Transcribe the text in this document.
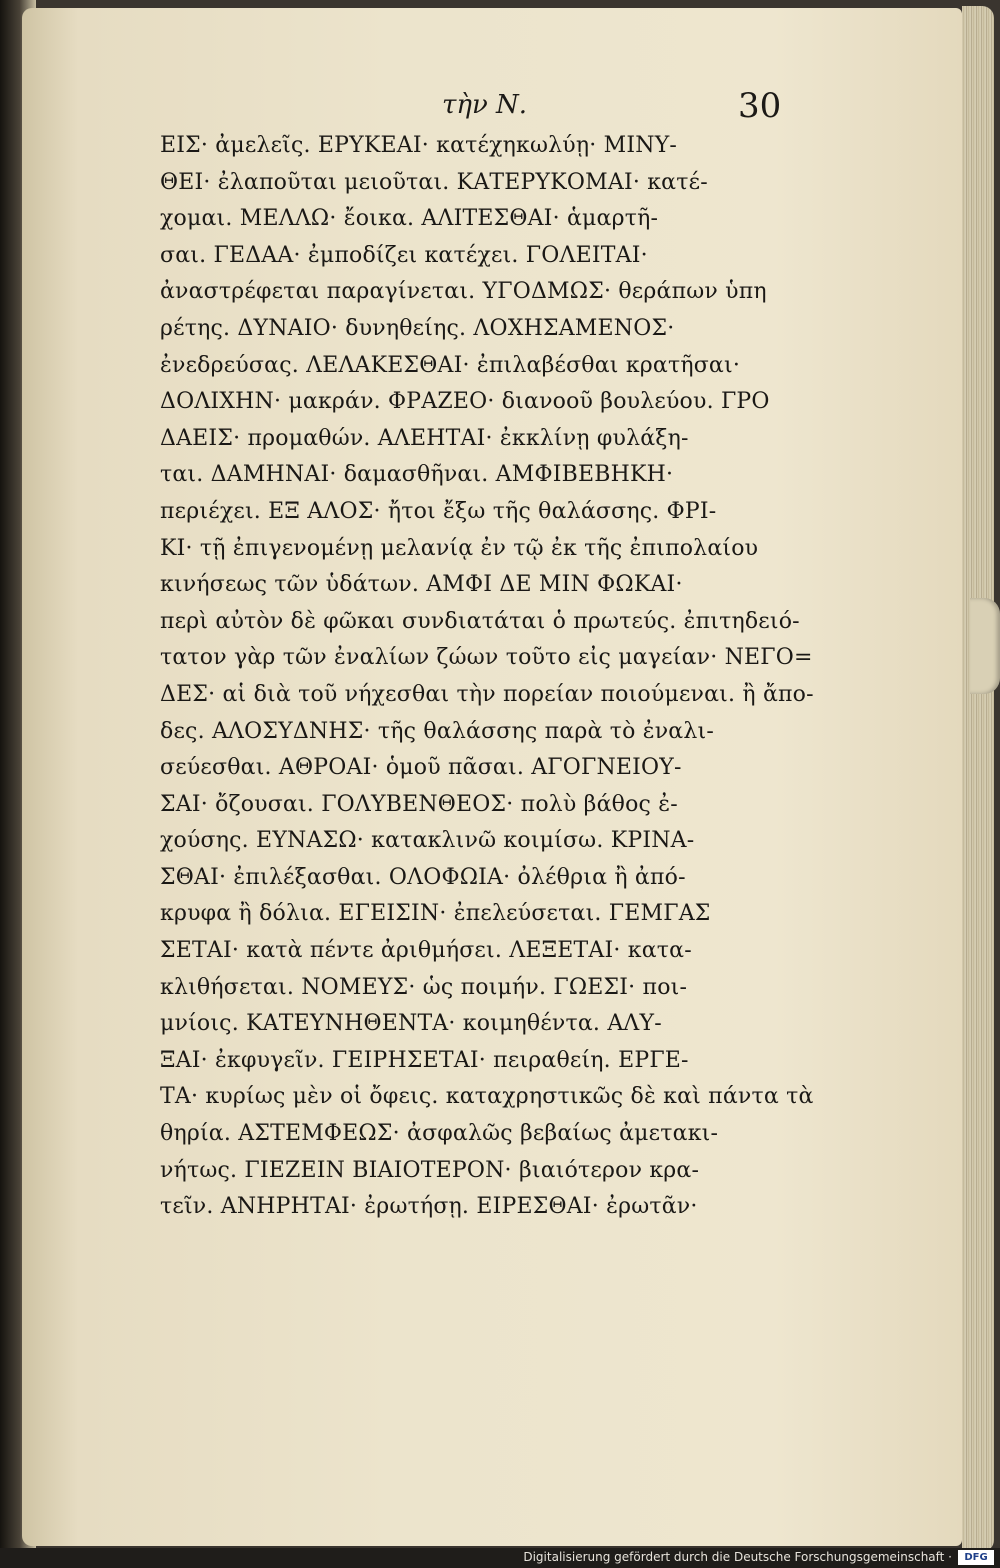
τὴν Ν.	30
ΕΙΣ· ἀμελεῖς. ΕΡΥΚΕΑΙ· κατέχηκωλύῃ· ΜΙΝΥ-
ΘΕΙ· ἐλαποῦται μειοῦται. ΚΑΤΕΡΥΚΟΜΑΙ· κατέ-
χομαι. ΜΕΛΛΩ· ἔοικα. ΑΛΙΤΕΣΘΑΙ· ἁμαρτῆ-
σαι. ΓΕΔΑΑ· ἐμποδίζει κατέχει. ΓΟΛΕΙΤΑΙ·
ἀναστρέφεται παραγίνεται. ΥΓΟΔΜΩΣ· θεράπων ὑπη
ρέτης. ΔΥΝΑΙΟ· δυνηθείης. ΛΟΧΗΣΑΜΕΝΟΣ·
ἐνεδρεύσας. ΛΕΛΑΚΕΣΘΑΙ· ἐπιλαβέσθαι κρατῆσαι·
ΔΟΛΙΧΗΝ· μακράν. ΦΡΑΖΕΟ· διανοοῦ βουλεύου. ΓΡΟ
ΔΑΕΙΣ· προμαθών. ΑΛΕΗΤΑΙ· ἐκκλίνῃ φυλάξη-
ται. ΔΑΜΗΝΑΙ· δαμασθῆναι. ΑΜΦΙΒΕΒΗΚΗ·
περιέχει. ΕΞ ΑΛΟΣ· ἤτοι ἔξω τῆς θαλάσσης. ΦΡΙ-
ΚΙ· τῇ ἐπιγενομένῃ μελανίᾳ ἐν τῷ ἐκ τῆς ἐπιπολαίου
κινήσεως τῶν ὑδάτων. ΑΜΦΙ ΔΕ ΜΙΝ ΦΩΚΑΙ·
περὶ αὐτὸν δὲ φῶκαι συνδιατάται ὁ πρωτεύς. ἐπιτηδειό-
τατον γὰρ τῶν ἐναλίων ζώων τοῦτο εἰς μαγείαν· ΝΕΓΟ=
ΔΕΣ· αἱ διὰ τοῦ νήχεσθαι τὴν πορείαν ποιούμεναι. ἢ ἄπο-
δες. ΑΛΟΣΥΔΝΗΣ· τῆς θαλάσσης παρὰ τὸ ἐναλι-
σεύεσθαι. ΑΘΡΟΑΙ· ὁμοῦ πᾶσαι. ΑΓΟΓΝΕΙΟΥ-
ΣΑΙ· ὄζουσαι. ΓΟΛΥΒΕΝΘΕΟΣ· πολὺ βάθος ἐ-
χούσης. ΕΥΝΑΣΩ· κατακλινῶ κοιμίσω. ΚΡΙΝΑ-
ΣΘΑΙ· ἐπιλέξασθαι. ΟΛΟΦΩΙΑ· ὀλέθρια ἢ ἀπό-
κρυφα ἢ δόλια. ΕΓΕΙΣΙΝ· ἐπελεύσεται. ΓΕΜΓΑΣ
ΣΕΤΑΙ· κατὰ πέντε ἀριθμήσει. ΛΕΞΕΤΑΙ· κατα-
κλιθήσεται. ΝΟΜΕΥΣ· ὡς ποιμήν. ΓΩΕΣΙ· ποι-
μνίοις. ΚΑΤΕΥΝΗΘΕΝΤΑ· κοιμηθέντα. ΑΛΥ-
ΞΑΙ· ἐκφυγεῖν. ΓΕΙΡΗΣΕΤΑΙ· πειραθείη. ΕΡΓΕ-
ΤΑ· κυρίως μὲν οἱ ὄφεις. καταχρηστικῶς δὲ καὶ πάντα τὰ
θηρία. ΑΣΤΕΜΦΕΩΣ· ἀσφαλῶς βεβαίως ἀμετακι-
νήτως. ΓΙΕΖΕΙΝ ΒΙΑΙΟΤΕΡΟΝ· βιαιότερον κρα-
τεῖν. ΑΝΗΡΗΤΑΙ· ἐρωτήσῃ. ΕΙΡΕΣΘΑΙ· ἐρωτᾶν·
Digitalisierung gefördert durch die Deutsche Forschungsgemeinschaft ·	DFG
